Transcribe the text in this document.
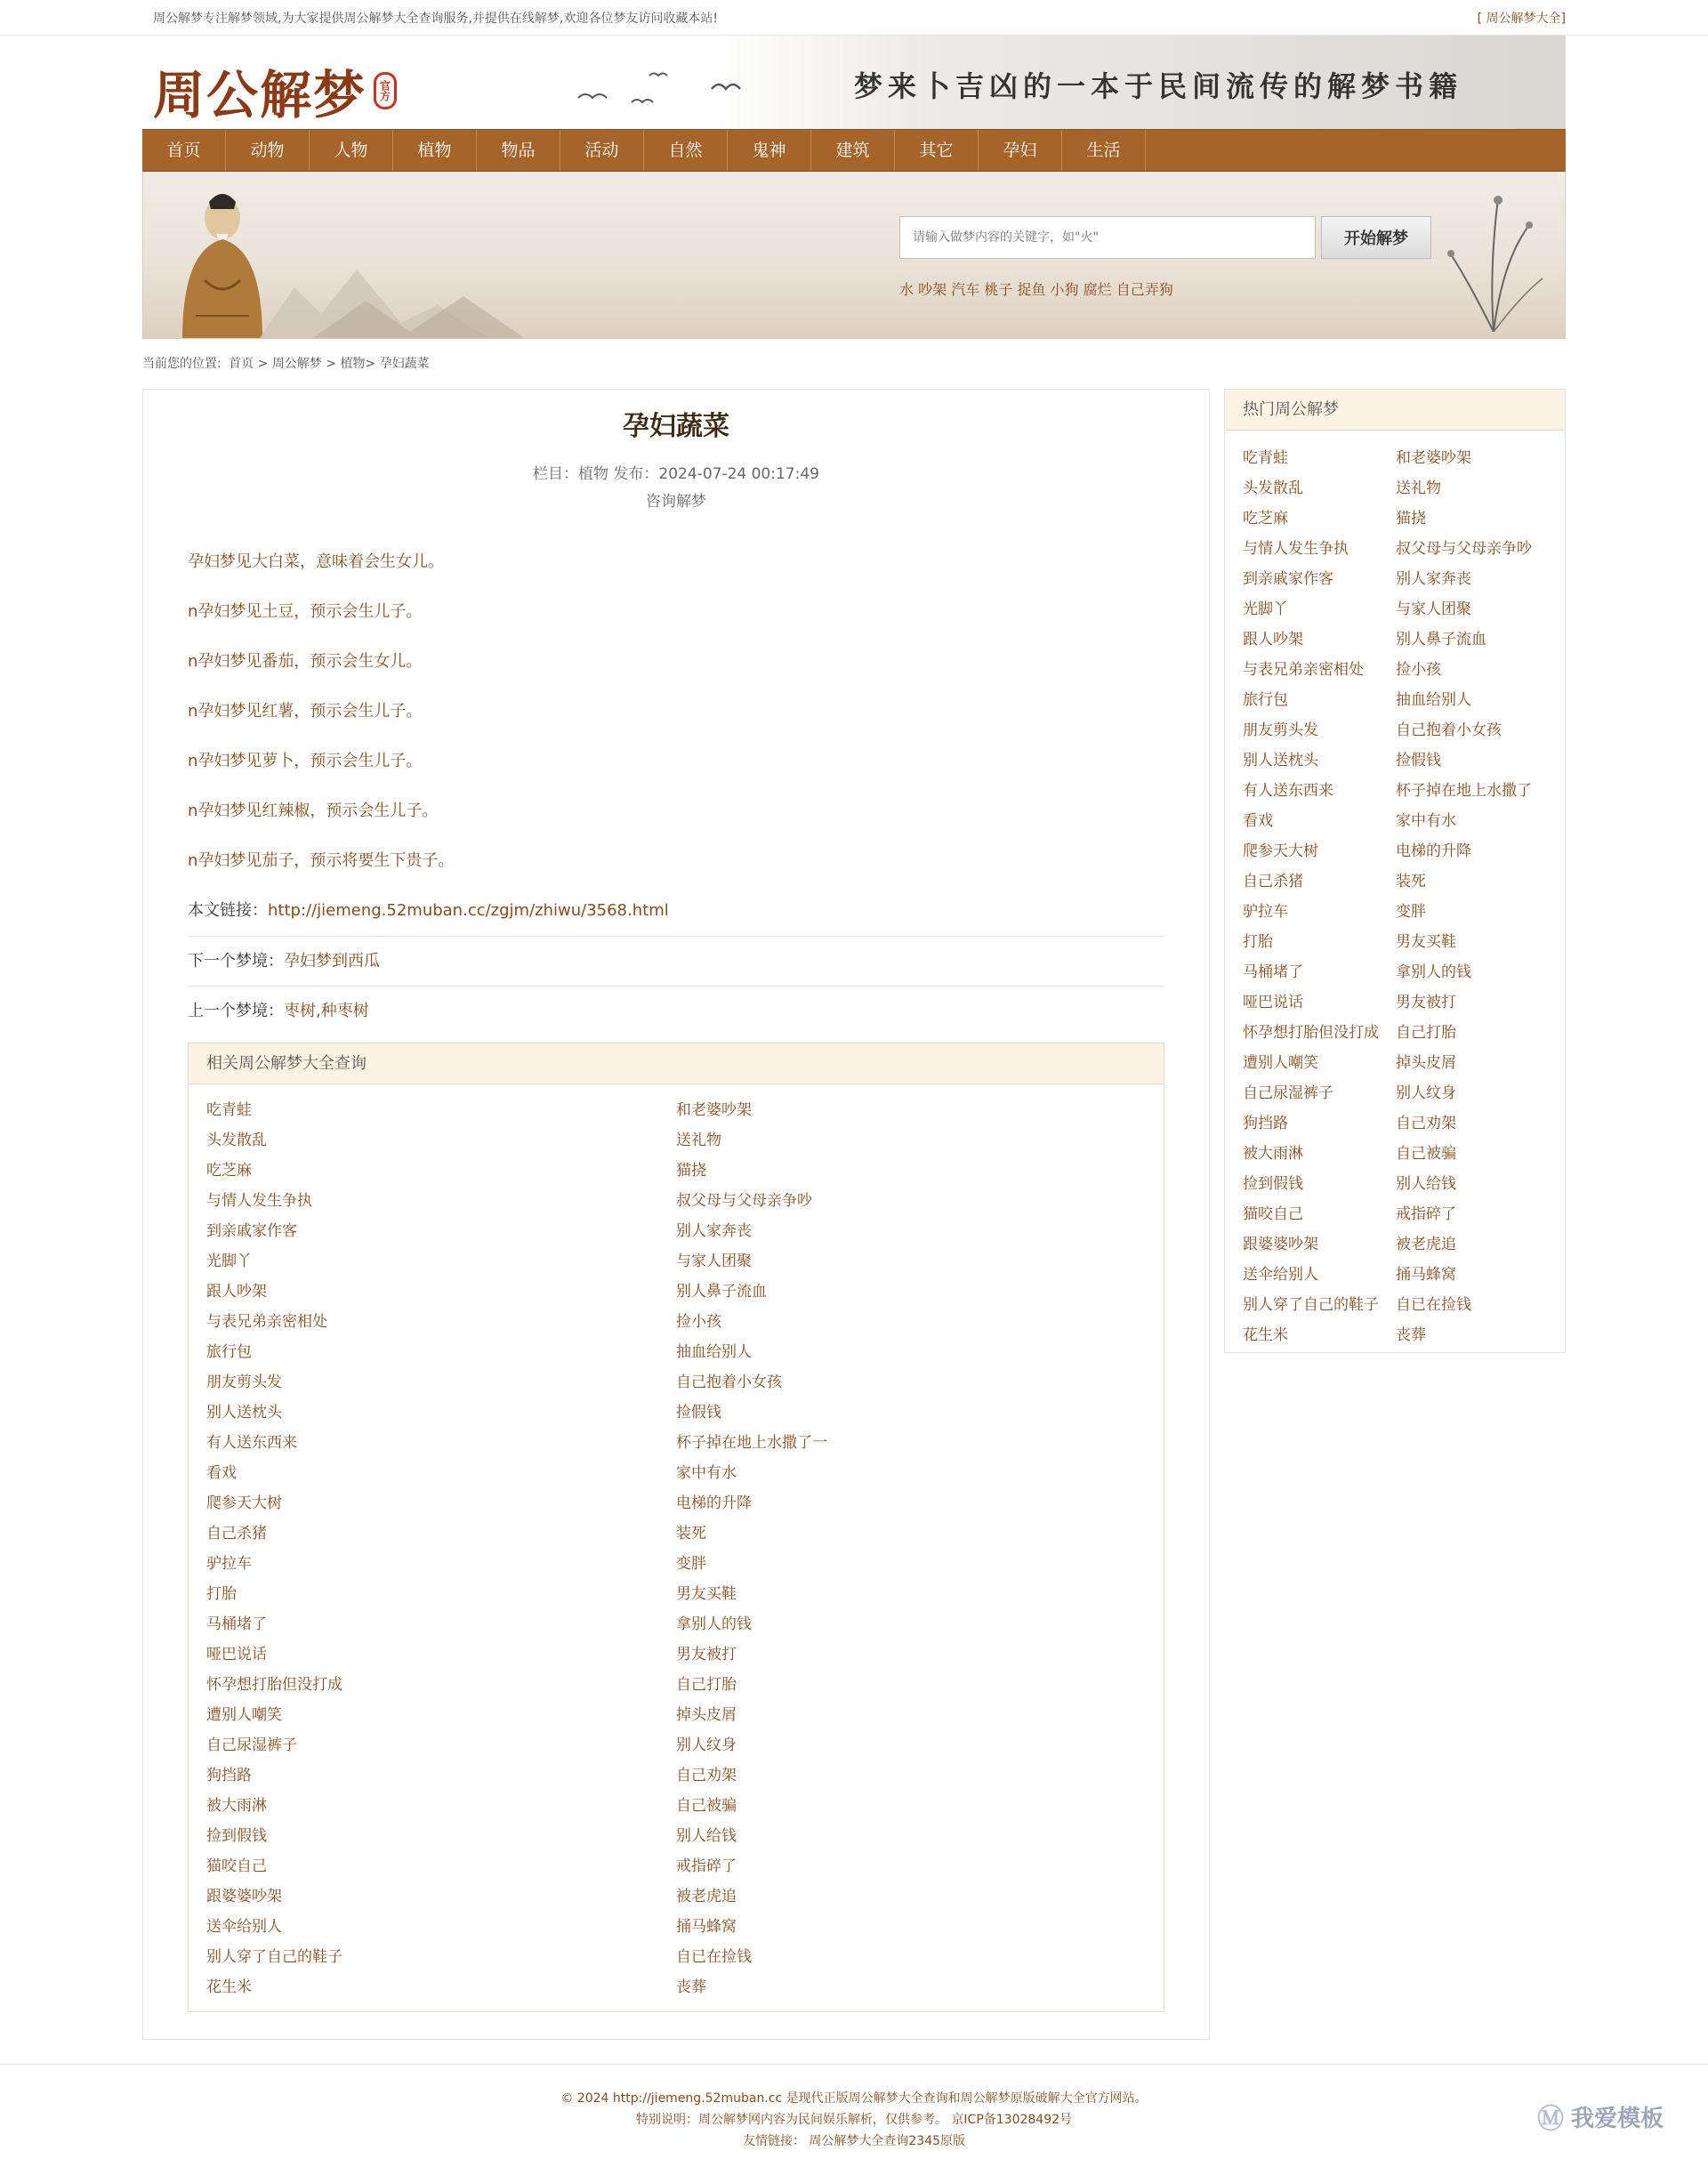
周公解梦专注解梦领域,为大家提供周公解梦大全查询服务,并提供在线解梦,欢迎各位梦友访问收藏本站!	[ 周公解梦大全]
周公解梦	官方	梦来卜吉凶的一本于民间流传的解梦书籍
首页	动物	人物	植物	物品	活动	自然	鬼神	建筑	其它	孕妇	生活
请输入做梦内容的关键字，如"火"
开始解梦
水 吵架 汽车 桃子 捉鱼 小狗 腐烂 自己弄狗
当前您的位置: 首页 > 周公解梦 > 植物> 孕妇蔬菜
孕妇蔬菜
栏目：植物 发布：2024-07-24 00:17:49
咨询解梦

孕妇梦见大白菜，意味着会生女儿。

n孕妇梦见土豆，预示会生儿子。

n孕妇梦见番茄，预示会生女儿。

n孕妇梦见红薯，预示会生儿子。

n孕妇梦见萝卜，预示会生儿子。

n孕妇梦见红辣椒，预示会生儿子。

n孕妇梦见茄子，预示将要生下贵子。

本文链接：http://jiemeng.52muban.cc/zgjm/zhiwu/3568.html

下一个梦境：孕妇梦到西瓜
上一个梦境：枣树,种枣树
相关周公解梦大全查询
吃青蛙	和老婆吵架
头发散乱	送礼物
吃芝麻	猫挠
与情人发生争执	叔父母与父母亲争吵
到亲戚家作客	别人家奔丧
光脚丫	与家人团聚
跟人吵架	别人鼻子流血
与表兄弟亲密相处	捡小孩
旅行包	抽血给别人
朋友剪头发	自己抱着小女孩
别人送枕头	捡假钱
有人送东西来	杯子掉在地上水撒了一
看戏	家中有水
爬参天大树	电梯的升降
自己杀猪	装死
驴拉车	变胖
打胎	男友买鞋
马桶堵了	拿别人的钱
哑巴说话	男友被打
怀孕想打胎但没打成	自己打胎
遭别人嘲笑	掉头皮屑
自己尿湿裤子	别人纹身
狗挡路	自己劝架
被大雨淋	自己被骗
捡到假钱	别人给钱
猫咬自己	戒指碎了
跟婆婆吵架	被老虎追
送伞给别人	捅马蜂窝
别人穿了自己的鞋子	自已在捡钱
花生米	丧葬
热门周公解梦
吃青蛙	和老婆吵架
头发散乱	送礼物
吃芝麻	猫挠
与情人发生争执	叔父母与父母亲争吵
到亲戚家作客	别人家奔丧
光脚丫	与家人团聚
跟人吵架	别人鼻子流血
与表兄弟亲密相处	捡小孩
旅行包	抽血给别人
朋友剪头发	自己抱着小女孩
别人送枕头	捡假钱
有人送东西来	杯子掉在地上水撒了
看戏	家中有水
爬参天大树	电梯的升降
自己杀猪	装死
驴拉车	变胖
打胎	男友买鞋
马桶堵了	拿别人的钱
哑巴说话	男友被打
怀孕想打胎但没打成	自己打胎
遭别人嘲笑	掉头皮屑
自己尿湿裤子	别人纹身
狗挡路	自己劝架
被大雨淋	自己被骗
捡到假钱	别人给钱
猫咬自己	戒指碎了
跟婆婆吵架	被老虎追
送伞给别人	捅马蜂窝
别人穿了自己的鞋子	自已在捡钱
花生米	丧葬
© 2024 http://jiemeng.52muban.cc 是现代正版周公解梦大全查询和周公解梦原版破解大全官方网站。
特别说明：周公解梦网内容为民间娱乐解析，仅供参考。 京ICP备13028492号
友情链接： 周公解梦大全查询2345原版
Ⓜ 我爱模板
